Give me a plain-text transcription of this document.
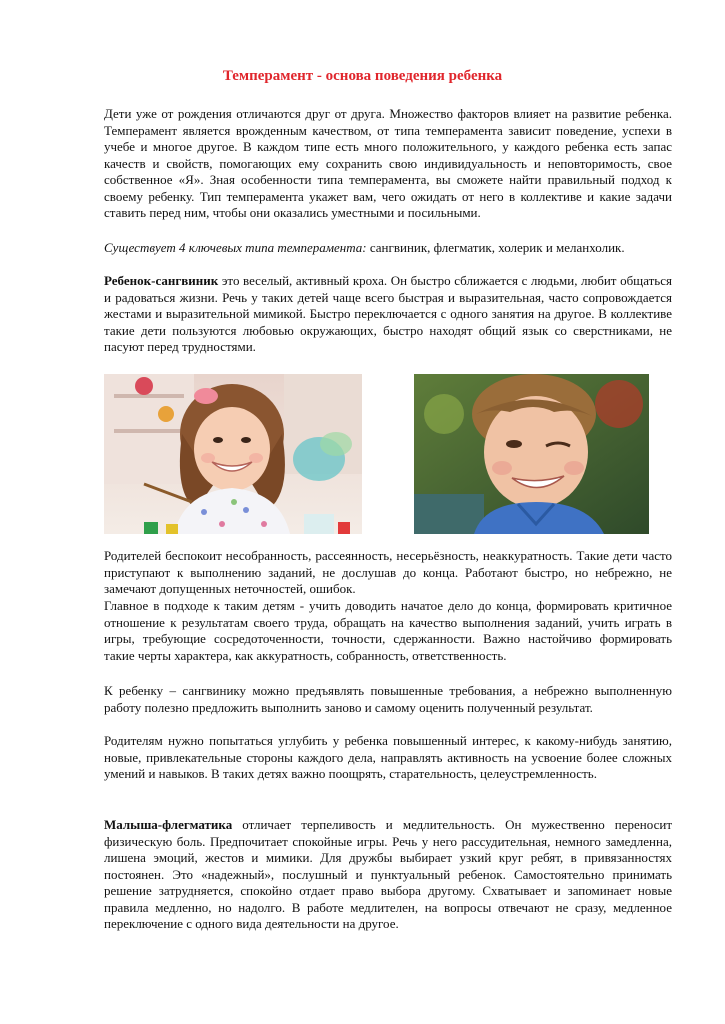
Темперамент - основа поведения ребенка

Дети уже от рождения отличаются друг от друга. Множество факторов влияет на развитие ребенка. Темперамент является врожденным качеством, от типа темперамента зависит поведение, успехи в учебе и многое другое. В каждом типе есть много положительного, у каждого ребенка есть запас качеств и свойств, помогающих ему сохранить свою индивидуальность и неповторимость, свое собственное «Я». Зная особенности типа темперамента, вы сможете найти правильный подход к своему ребенку. Тип темперамента укажет вам, чего ожидать от него в коллективе и какие задачи ставить перед ним, чтобы они оказались уместными и посильными.

Существует 4 ключевых типа темперамента: сангвиник, флегматик, холерик и меланхолик.

Ребенок-сангвиник это веселый, активный кроха. Он быстро сближается с людьми, любит общаться и радоваться жизни. Речь у таких детей чаще всего быстрая и выразительная, часто сопровождается жестами и выразительной мимикой. Быстро переключается с одного занятия на другое. В коллективе такие дети пользуются любовью окружающих, быстро находят общий язык со сверстниками, не пасуют перед трудностями.

Родителей беспокоит несобранность, рассеянность, несерьёзность, неаккуратность. Такие дети часто приступают к выполнению заданий, не дослушав до конца. Работают быстро, но небрежно, не замечают допущенных неточностей, ошибок.

Главное в подходе к таким детям - учить доводить начатое дело до конца, формировать критичное отношение к результатам своего труда, обращать на качество выполнения заданий, учить играть в игры, требующие сосредоточенности, точности, сдержанности. Важно настойчиво формировать такие черты характера, как аккуратность, собранность, ответственность.

К ребенку – сангвинику можно предъявлять повышенные требования, а небрежно выполненную работу полезно предложить выполнить заново и самому оценить полученный результат.

Родителям нужно попытаться углубить у ребенка повышенный интерес, к какому-нибудь занятию, новые, привлекательные стороны каждого дела, направлять активность на усвоение более сложных умений и навыков. В таких детях важно поощрять, старательность, целеустремленность.

Малыша-флегматика отличает терпеливость и медлительность. Он мужественно переносит физическую боль. Предпочитает спокойные игры. Речь у него рассудительная, немного замедленна, лишена эмоций, жестов и мимики. Для дружбы выбирает узкий круг ребят, в привязанностях постоянен. Это «надежный», послушный и пунктуальный ребенок. Самостоятельно принимать решение затрудняется, спокойно отдает право выбора другому. Схватывает и запоминает новые правила медленно, но надолго. В работе медлителен, на вопросы отвечают не сразу, медленное переключение с одного вида деятельности на другое.
